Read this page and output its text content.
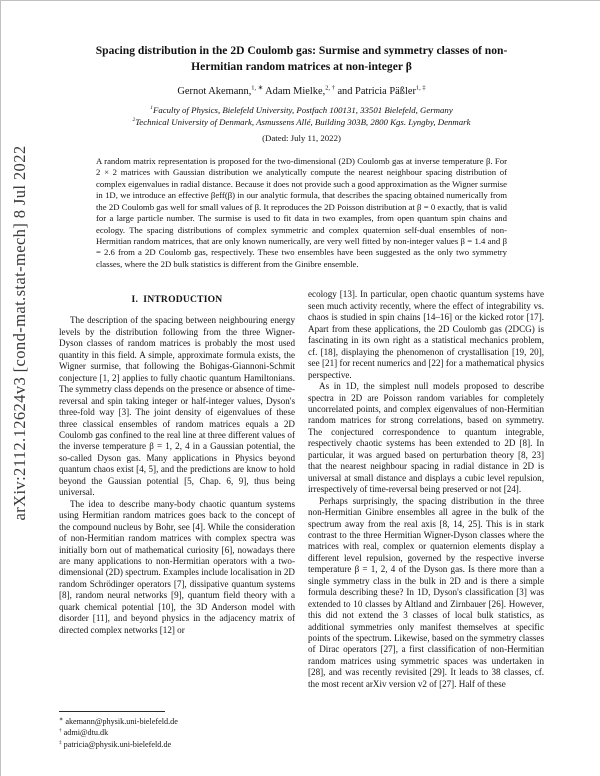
arXiv:2112.12624v3 [cond-mat.stat-mech] 8 Jul 2022
Spacing distribution in the 2D Coulomb gas: Surmise and symmetry classes of non-Hermitian random matrices at non-integer β
Gernot Akemann,$^{1, ∗}$ Adam Mielke,$^{2, \dagger}$ and Patricia Päßler$^{1, \ddagger}$
$^1$Faculty of Physics, Bielefeld University, Postfach 100131, 33501 Bielefeld, Germany
$^2$Technical University of Denmark, Asmussens Allé, Building 303B, 2800 Kgs. Lyngby, Denmark
(Dated: July 11, 2022)
A random matrix representation is proposed for the two-dimensional (2D) Coulomb gas at inverse temperature β. For 2 × 2 matrices with Gaussian distribution we analytically compute the nearest neighbour spacing distribution of complex eigenvalues in radial distance. Because it does not provide such a good approximation as the Wigner surmise in 1D, we introduce an effective βeff(β) in our analytic formula, that describes the spacing obtained numerically from the 2D Coulomb gas well for small values of β. It reproduces the 2D Poisson distribution at β = 0 exactly, that is valid for a large particle number. The surmise is used to fit data in two examples, from open quantum spin chains and ecology. The spacing distributions of complex symmetric and complex quaternion self-dual ensembles of non-Hermitian random matrices, that are only known numerically, are very well fitted by non-integer values β = 1.4 and β = 2.6 from a 2D Coulomb gas, respectively. These two ensembles have been suggested as the only two symmetry classes, where the 2D bulk statistics is different from the Ginibre ensemble.
I.  INTRODUCTION

The description of the spacing between neighbouring energy levels by the distribution following from the three Wigner-Dyson classes of random matrices is probably the most used quantity in this field. A simple, approximate formula exists, the Wigner surmise, that following the Bohigas-Giannoni-Schmit conjecture [1, 2] applies to fully chaotic quantum Hamiltonians. The symmetry class depends on the presence or absence of time-reversal and spin taking integer or half-integer values, Dyson's three-fold way [3]. The joint density of eigenvalues of these three classical ensembles of random matrices equals a 2D Coulomb gas confined to the real line at three different values of the inverse temperature β = 1, 2, 4 in a Gaussian potential, the so-called Dyson gas. Many applications in Physics beyond quantum chaos exist [4, 5], and the predictions are know to hold beyond the Gaussian potential [5, Chap. 6, 9], thus being universal.

The idea to describe many-body chaotic quantum systems using Hermitian random matrices goes back to the concept of the compound nucleus by Bohr, see [4]. While the consideration of non-Hermitian random matrices with complex spectra was initially born out of mathematical curiosity [6], nowadays there are many applications to non-Hermitian operators with a two-dimensional (2D) spectrum. Examples include localisation in 2D random Schrödinger operators [7], dissipative quantum systems [8], random neural networks [9], quantum field theory with a quark chemical potential [10], the 3D Anderson model with disorder [11], and beyond physics in the adjacency matrix of directed complex networks [12] or

∗ akemann@physik.uni-bielefeld.de
† admi@dtu.dk
‡ patricia@physik.uni-bielefeld.de

ecology [13]. In particular, open chaotic quantum systems have seen much activity recently, where the effect of integrability vs. chaos is studied in spin chains [14–16] or the kicked rotor [17]. Apart from these applications, the 2D Coulomb gas (2DCG) is fascinating in its own right as a statistical mechanics problem, cf. [18], displaying the phenomenon of crystallisation [19, 20], see [21] for recent numerics and [22] for a mathematical physics perspective.

As in 1D, the simplest null models proposed to describe spectra in 2D are Poisson random variables for completely uncorrelated points, and complex eigenvalues of non-Hermitian random matrices for strong correlations, based on symmetry. The conjectured correspondence to quantum integrable, respectively chaotic systems has been extended to 2D [8]. In particular, it was argued based on perturbation theory [8, 23] that the nearest neighbour spacing in radial distance in 2D is universal at small distance and displays a cubic level repulsion, irrespectively of time-reversal being preserved or not [24].

Perhaps surprisingly, the spacing distribution in the three non-Hermitian Ginibre ensembles all agree in the bulk of the spectrum away from the real axis [8, 14, 25]. This is in stark contrast to the three Hermitian Wigner-Dyson classes where the matrices with real, complex or quaternion elements display a different level repulsion, governed by the respective inverse temperature β = 1, 2, 4 of the Dyson gas. Is there more than a single symmetry class in the bulk in 2D and is there a simple formula describing these? In 1D, Dyson's classification [3] was extended to 10 classes by Altland and Zirnbauer [26]. However, this did not extend the 3 classes of local bulk statistics, as additional symmetries only manifest themselves at specific points of the spectrum. Likewise, based on the symmetry classes of Dirac operators [27], a first classification of non-Hermitian random matrices using symmetric spaces was undertaken in [28], and was recently revisited [29]. It leads to 38 classes, cf. the most recent arXiv version v2 of [27]. Half of these
